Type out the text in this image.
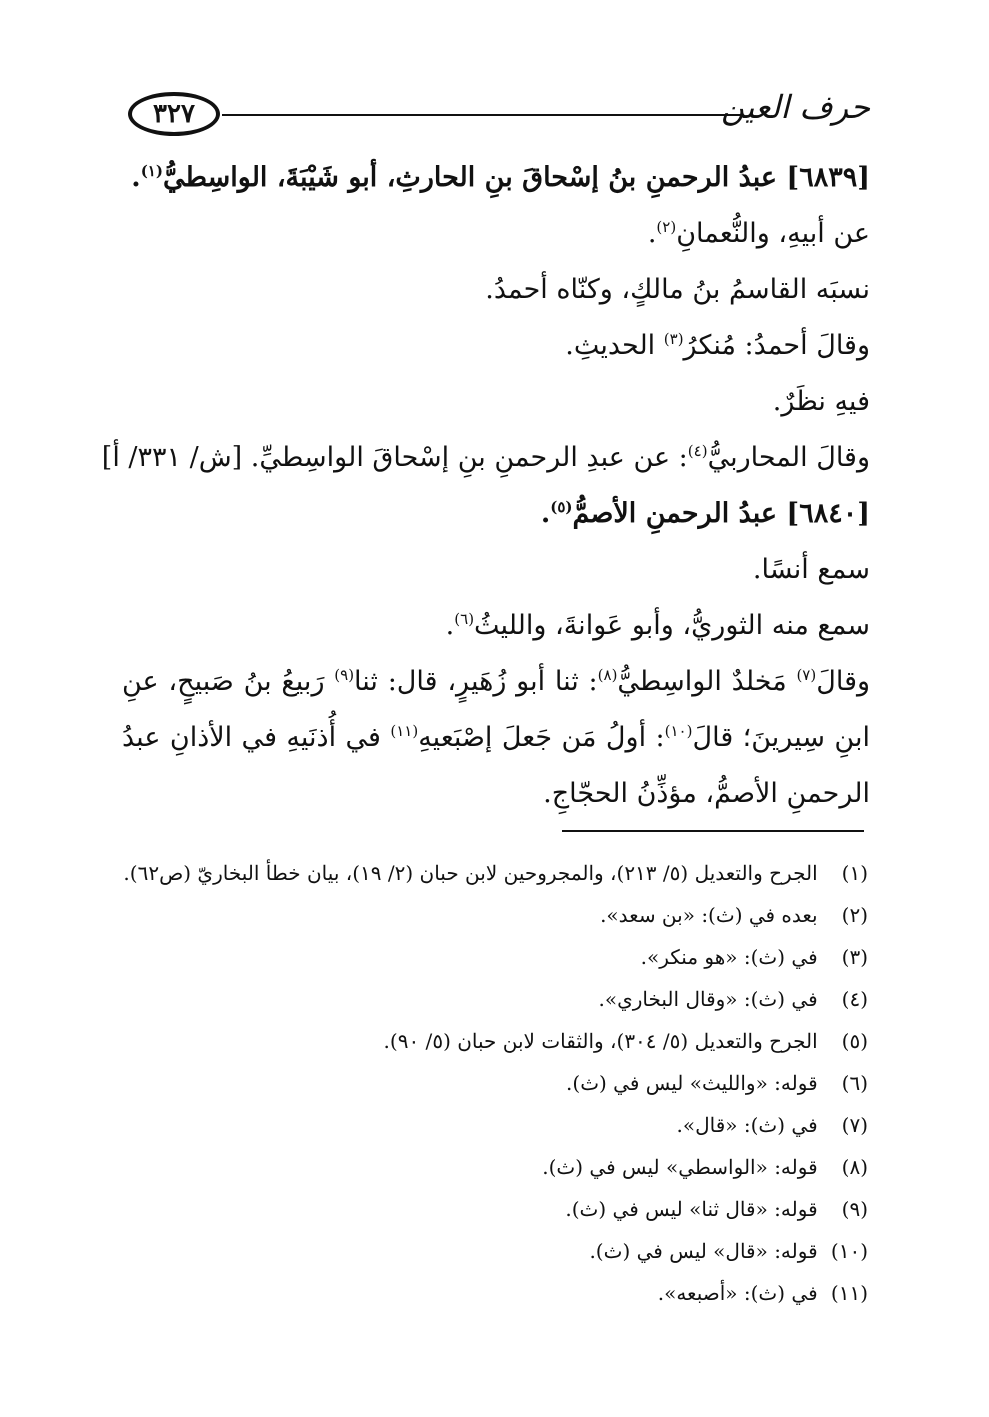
٣٢٧	حرف العين
[٦٨٣٩] عبدُ الرحمنِ بنُ إسْحاقَ بنِ الحارثِ، أبو شَيْبَةَ، الواسِطيُّ$^{(١)}$.
عن أبيهِ، والنُّعمانِ$^{(٢)}$.
نسبَه القاسمُ بنُ مالكٍ، وكنّاه أحمدُ.
وقالَ أحمدُ: مُنكرُ$^{(٣)}$ الحديثِ.
فيهِ نظَرٌ.
وقالَ المحاربيُّ$^{(٤)}$: عن عبدِ الرحمنِ بنِ إسْحاقَ الواسِطيِّ. [ش/ ٣٣١/ أ]
[٦٨٤٠] عبدُ الرحمنِ الأصمُّ$^{(٥)}$.
سمع أنسًا.
سمع منه الثوريُّ، وأبو عَوانةَ، والليثُ$^{(٦)}$.
وقالَ$^{(٧)}$ مَخلدٌ الواسِطيُّ$^{(٨)}$: ثنا أبو زُهَيرٍ، قال: ثنا$^{(٩)}$ رَبيعُ بنُ صَبيحٍ، عنِ ابنِ سِيرينَ؛ قالَ$^{(١٠)}$: أولُ مَن جَعلَ إصْبَعيهِ$^{(١١)}$ في أُذنَيهِ في الأذانِ عبدُ الرحمنِ الأصمُّ، مؤذِّنُ الحجّاجِ.
(١) الجرح والتعديل (٥/ ٢١٣)، والمجروحين لابن حبان (٢/ ١٩)، بيان خطأ البخاريّ (ص٦٢).
(٢) بعده في (ث): «بن سعد».
(٣) في (ث): «هو منكر».
(٤) في (ث): «وقال البخاري».
(٥) الجرح والتعديل (٥/ ٣٠٤)، والثقات لابن حبان (٥/ ٩٠).
(٦) قوله: «والليث» ليس في (ث).
(٧) في (ث): «قال».
(٨) قوله: «الواسطي» ليس في (ث).
(٩) قوله: «قال ثنا» ليس في (ث).
(١٠) قوله: «قال» ليس في (ث).
(١١) في (ث): «أصبعه».
